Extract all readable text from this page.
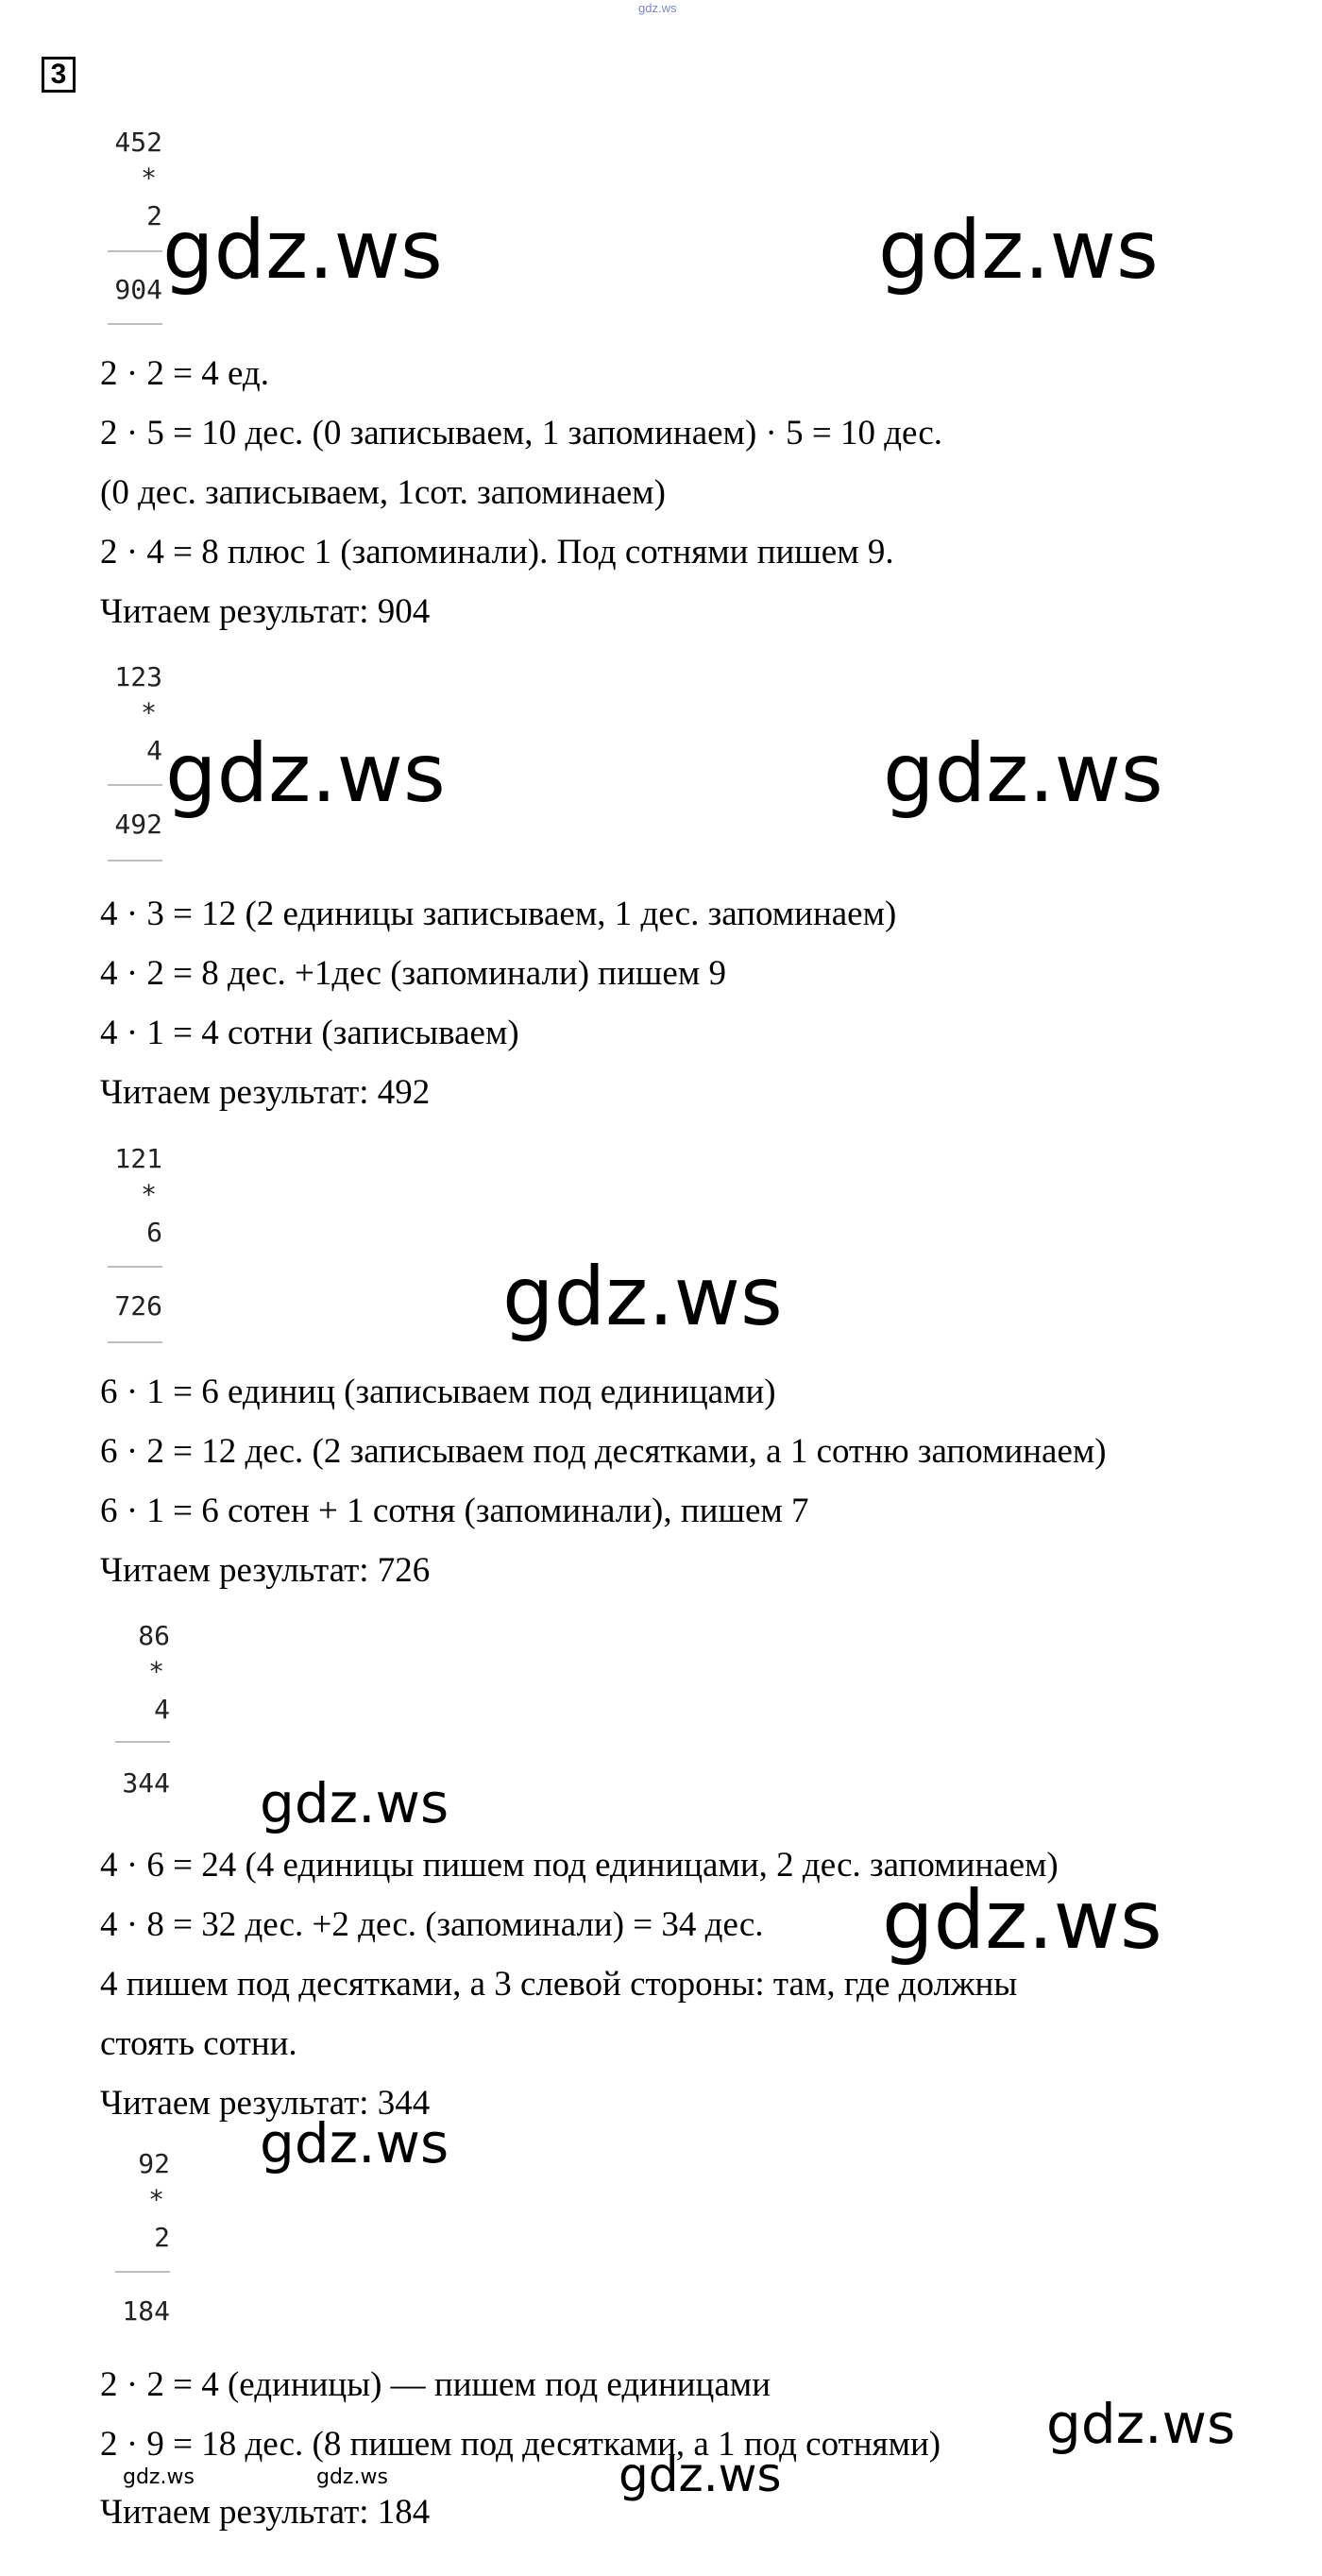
gdz.ws
3
452
*
2
904
2 · 2 = 4 ед.
2 · 5 = 10 дес. (0 записываем, 1 запоминаем) · 5 = 10 дес.
(0 дес. записываем, 1сот. запоминаем)
2 · 4 = 8 плюс 1 (запоминали). Под сотнями пишем 9.
Читаем результат: 904
123
*
4
492
4 · 3 = 12 (2 единицы записываем, 1 дес. запоминаем)
4 · 2 = 8 дес. +1дес (запоминали) пишем 9
4 · 1 = 4 сотни (записываем)
Читаем результат: 492
121
*
6
726
6 · 1 = 6 единиц (записываем под единицами)
6 · 2 = 12 дес. (2 записываем под десятками, а 1 сотню запоминаем)
6 · 1 = 6 сотен + 1 сотня (запоминали), пишем 7
Читаем результат: 726
86
*
4
344
4 · 6 = 24 (4 единицы пишем под единицами, 2 дес. запоминаем)
4 · 8 = 32 дес. +2 дес. (запоминали) = 34 дес.
4 пишем под десятками, а 3 слевой стороны: там, где должны
стоять сотни.
Читаем результат: 344
92
*
2
184
2 · 2 = 4 (единицы) — пишем под единицами
2 · 9 = 18 дес. (8 пишем под десятками, а 1 под сотнями)
Читаем результат: 184
gdz.ws	gdz.ws
gdz.ws	gdz.ws
gdz.ws
gdz.ws
gdz.ws
gdz.ws
gdz.ws
gdz.ws	gdz.ws	gdz.ws
